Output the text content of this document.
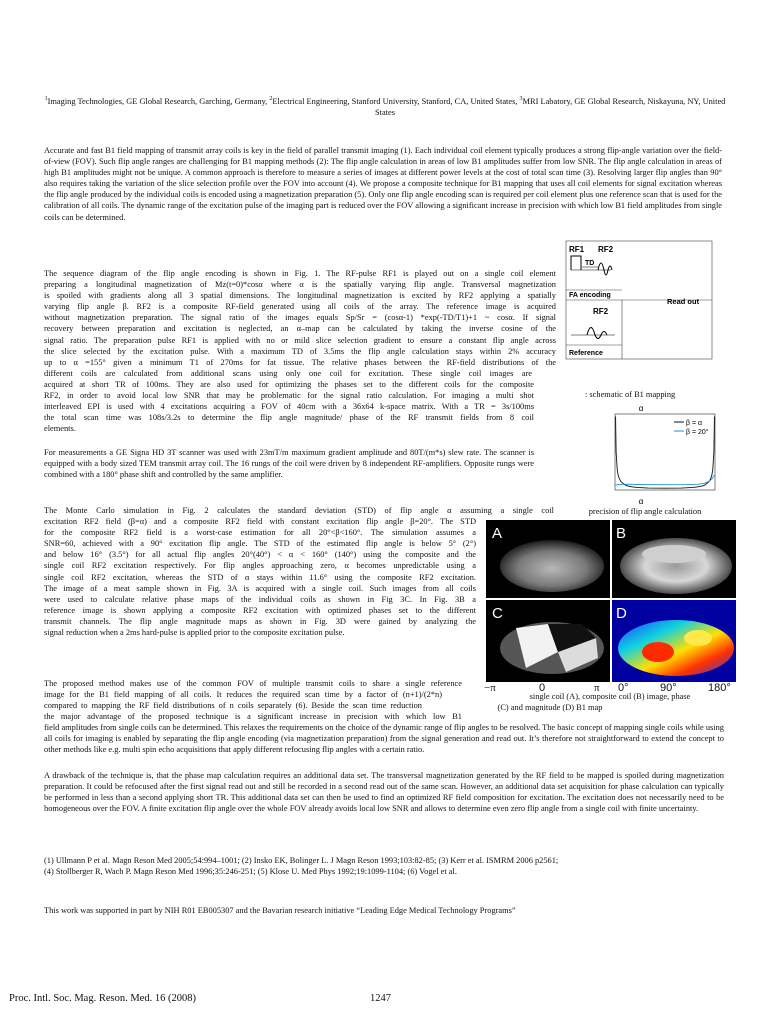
$^1$Imaging Technologies, GE Global Research, Garching, Germany, $^2$Electrical Engineering, Stanford University, Stanford, CA, United States, $^3$MRI Labatory, GE Global Research, Niskayuna, NY, United States

Accurate and fast B1 field mapping of transmit array coils is key in the field of parallel transmit imaging (1). Each individual coil element typically produces a strong flip-angle variation over the field-of-view (FOV). Such flip angle ranges are challenging for B1 mapping methods (2): The flip angle calculation in areas of low B1 amplitudes suffer from low SNR. The flip angle calculation in areas of high B1 amplitudes might not be unique. A common approach is therefore to measure a series of images at different power levels at the cost of total scan time (3). Resolving larger flip angles than 90° also requires taking the variation of the slice selection profile over the FOV into account (4). We propose a composite technique for B1 mapping that uses all coil elements for signal excitation whereas the flip angle produced by the individual coils is encoded using a magnetization preparation (5). Only one flip angle encoding scan is required per coil element plus one reference scan that is used for the calibration of all coils. The dynamic range of the excitation pulse of the imaging part is reduced over the FOV allowing a significant increase in precision with which low B1 field amplitudes from single coils can be determined.

The sequence diagram of the flip angle encoding is shown in Fig. 1. The RF-pulse RF1 is played out on a single coil element
preparing a longitudinal magnetization of Mz(t=0)*cosα where α is the spatially varying flip angle. Transversal magnetization
is spoiled with gradients along all 3 spatial dimensions. The longitudinal magnetization is excited by RF2 applying a spatially
varying flip angle β. RF2 is a composite RF-field generated using all coils of the array. The reference image is acquired
without magnetization preparation. The signal ratio of the images equals Sp/Sr = (cosα-1) *exp(-TD/T1)+1 ~ cosα. If signal
recovery between preparation and excitation is neglected, an α–map can be calculated by taking the inverse cosine of the
signal ratio. The preparation pulse RF1 is applied with no or mild slice selection gradient to ensure a constant flip angle across
the slice selected by the excitation pulse. With a maximum TD of 3.5ms the flip angle calculation stays within 2% accuracy
up to α =155° given a minimum T1 of 270ms for fat tissue. The relative phases between the RF-field distributions of the
different coils are calculated from additional scans using only one coil for excitation. These single coil images are
acquired at short TR of 100ms. They are also used for optimizing the phases set to the different coils for the composite
RF2, in order to avoid local low SNR that may be problematic for the signal ratio calculation. For imaging a multi shot
interleaved EPI is used with 4 excitations acquiring a FOV of 40cm with a 36x64 k-space matrix. With a TR = 3s/100ms
the total scan time was 108s/3.2s to determine the flip angle magnitude/ phase of the RF transmit fields from 8 coil
elements.

For measurements a GE Signa HD 3T scanner was used with 23mT/m maximum gradient amplitude and 80T/(m*s) slew rate. The scanner is equipped with a body sized TEM transmit array coil. The 16 rungs of the coil were driven by 8 independent RF-amplifiers. Opposite rungs were combined with a 180° phase shift and controlled by the same amplifier.

RF1 RF2
TD
FA encoding
Read out
RF2
Reference
: schematic of B1 mapping
α
β = α
β = 20°
α
precision of flip angle calculation
The Monte Carlo simulation in Fig. 2 calculates the standard deviation (STD) of flip angle α assuming a single coil
excitation RF2 field (β=α) and a composite RF2 field with constant excitation flip angle β=20°. The STD
for the composite RF2 field is a worst-case estimation for all 20°<β<160°. The simulation assumes a
SNR=60, achieved with a 90° excitation flip angle. The STD of the estimated flip angle is below 5° (2°)
and below 16° (3.5°) for all actual flip angles 20°(40°) < α < 160° (140°) using the composite and the
single coil RF2 excitation respectively. For flip angles approaching zero, α becomes unpredictable using a
single coil RF2 excitation, whereas the STD of α stays within 11.6° using the composite RF2 excitation.
The image of a meat sample shown in Fig. 3A is acquired with a single coil. Such images from all coils
were used to calculate relative phase maps of the individual coils as shown in Fig 3C. In Fig. 3B a
reference image is shown applying a composite RF2 excitation with optimized phases set to the different
transmit channels. The flip angle magnitude maps as shown in Fig. 3D were gained by analyzing the
signal reduction when a 2ms hard-pulse is applied prior to the composite excitation pulse.
A	B
C	D
−π	0	π 0°	90°	180°
single coil (A), composite coil (B) image, phase
(C) and magnitude (D) B1 map
The proposed method makes use of the common FOV of multiple transmit coils to share a single reference
image for the B1 field mapping of all coils. It reduces the required scan time by a factor of (n+1)/(2*n)
compared to mapping the RF field distributions of n coils separately (6). Beside the scan time reduction
the major advantage of the proposed technique is a significant increase in precision with which low B1

field amplitudes from single coils can be determined. This relaxes the requirements on the choice of the dynamic range of flip angles to be resolved. The basic concept of mapping single coils while using all coils for imaging is enabled by separating the flip angle encoding (via magnetization preparation) from the signal generation and read out. It’s therefore not straightforward to extend the concept to other methods like e.g. multi spin echo acquisitions that apply different refocusing flip angles with a certain ratio.

A drawback of the technique is, that the phase map calculation requires an additional data set. The transversal magnetization generated by the RF field to be mapped is spoiled during magnetization preparation. It could be refocused after the first signal read out and still be recorded in a second read out of the same scan. However, an additional data set acquisition for phase calculation can typically be performed in less than a second applying short TR. This additional data set can then be used to find an optimized RF field composition for excitation. The excitation does not necessarily need to be homogeneous over the FOV. A finite excitation flip angle over the whole FOV already avoids local low SNR and allows to determine even zero flip angle from a single coil with finite uncertainty.

(1) Ullmann P et al. Magn Reson Med 2005;54:994–1001; (2) Insko EK, Bolinger L. J Magn Reson 1993;103:82-85; (3) Kerr et al. ISMRM 2006 p2561;
(4) Stollberger R, Wach P. Magn Reson Med 1996;35:246-251; (5) Klose U. Med Phys 1992;19:1099-1104; (6) Vogel et al.
This work was supported in part by NIH R01 EB005307 and the Bavarian research initiative “Leading Edge Medical Technology Programs”
Proc. Intl. Soc. Mag. Reson. Med. 16 (2008)	1247
